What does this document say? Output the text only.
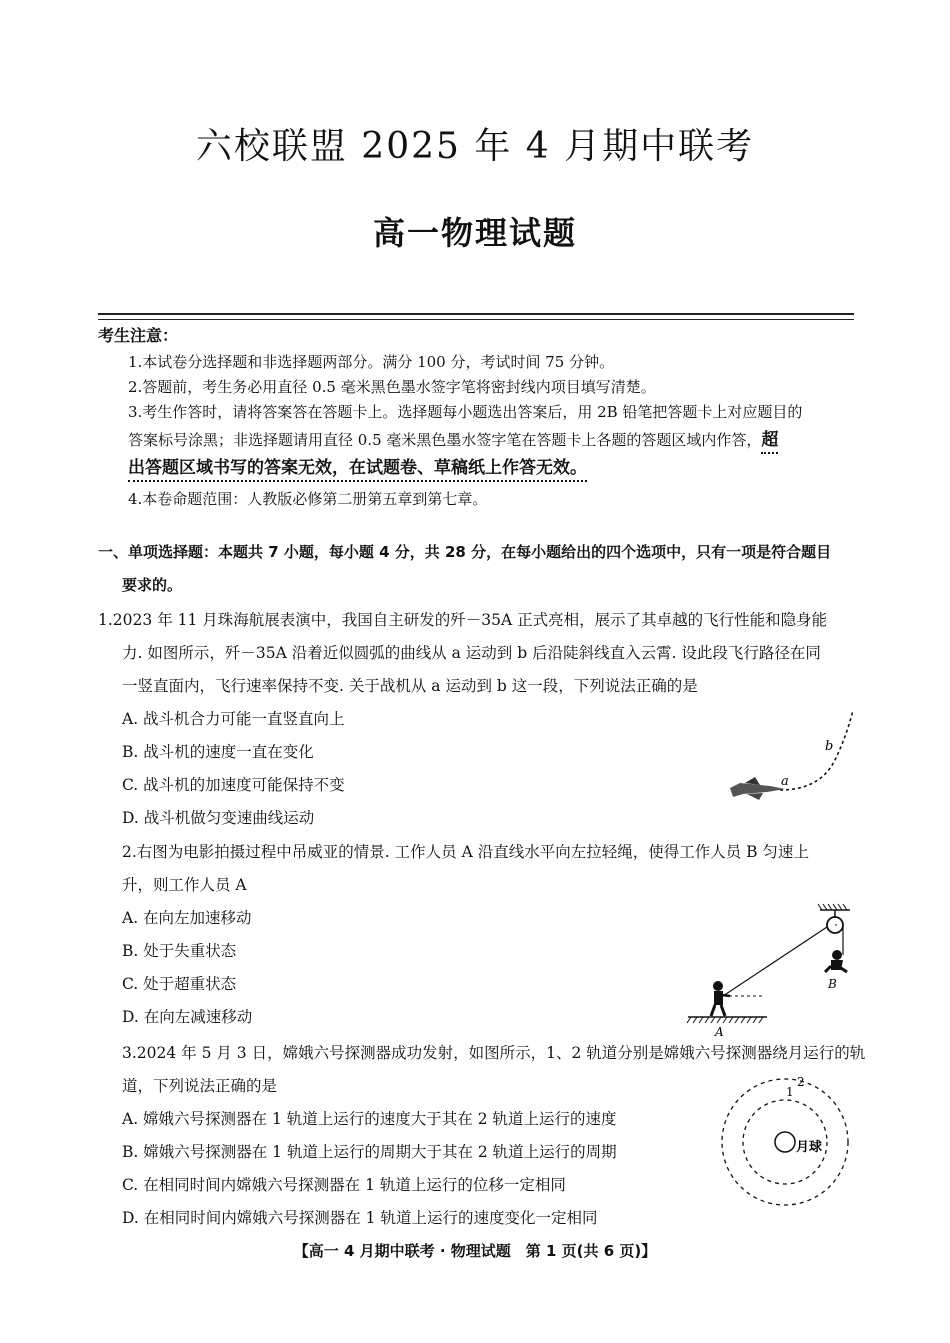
六校联盟 2025 年 4 月期中联考
高一物理试题
考生注意：
1.本试卷分选择题和非选择题两部分。满分 100 分，考试时间 75 分钟。
2.答题前，考生务必用直径 0.5 毫米黑色墨水签字笔将密封线内项目填写清楚。
3.考生作答时，请将答案答在答题卡上。选择题每小题选出答案后，用 2B 铅笔把答题卡上对应题目的
答案标号涂黑；非选择题请用直径 0.5 毫米黑色墨水签字笔在答题卡上各题的答题区域内作答，超
出答题区域书写的答案无效，在试题卷、草稿纸上作答无效。
4.本卷命题范围：人教版必修第二册第五章到第七章。
一、单项选择题：本题共 7 小题，每小题 4 分，共 28 分，在每小题给出的四个选项中，只有一项是符合题目
要求的。
1.2023 年 11 月珠海航展表演中，我国自主研发的歼－35A 正式亮相，展示了其卓越的飞行性能和隐身能
力. 如图所示，歼－35A 沿着近似圆弧的曲线从 a 运动到 b 后沿陡斜线直入云霄. 设此段飞行路径在同
一竖直面内，飞行速率保持不变. 关于战机从 a 运动到 b 这一段，下列说法正确的是
A. 战斗机合力可能一直竖直向上
B. 战斗机的速度一直在变化
C. 战斗机的加速度可能保持不变
D. 战斗机做匀变速曲线运动
a
b
2.右图为电影拍摄过程中吊威亚的情景. 工作人员 A 沿直线水平向左拉轻绳，使得工作人员 B 匀速上
升，则工作人员 A
A. 在向左加速移动
B. 处于失重状态
C. 处于超重状态
D. 在向左减速移动
A
B
3.2024 年 5 月 3 日，嫦娥六号探测器成功发射，如图所示，1、2 轨道分别是嫦娥六号探测器绕月运行的轨
道，下列说法正确的是
A. 嫦娥六号探测器在 1 轨道上运行的速度大于其在 2 轨道上运行的速度
B. 嫦娥六号探测器在 1 轨道上运行的周期大于其在 2 轨道上运行的周期
C. 在相同时间内嫦娥六号探测器在 1 轨道上运行的位移一定相同
D. 在相同时间内嫦娥六号探测器在 1 轨道上运行的速度变化一定相同
1
2
月球
【高一 4 月期中联考 · 物理试题　第 1 页(共 6 页)】
